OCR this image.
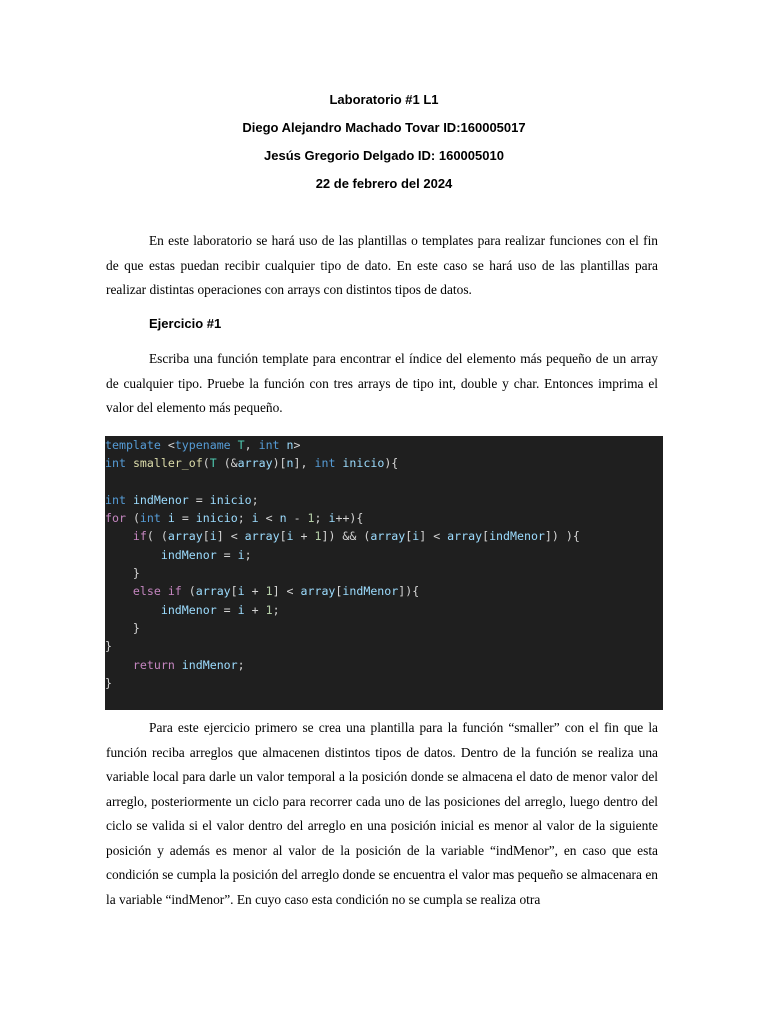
Laboratorio #1 L1
Diego Alejandro Machado Tovar ID:160005017
Jesús Gregorio Delgado ID: 160005010
22 de febrero del 2024

En este laboratorio se hará uso de las plantillas o templates para realizar funciones con el fin de que estas puedan recibir cualquier tipo de dato. En este caso se hará uso de las plantillas para realizar distintas operaciones con arrays con distintos tipos de datos.

Ejercicio #1

Escriba una función template para encontrar el índice del elemento más pequeño de un array de cualquier tipo. Pruebe la función con tres arrays de tipo int, double y char. Entonces imprima el valor del elemento más pequeño.

template <typename T, int n>
int smaller_of(T (&array)[n], int inicio){

int indMenor = inicio;
for (int i = inicio; i < n - 1; i++){
if( (array[i] < array[i + 1]) && (array[i] < array[indMenor]) ){
indMenor = i;
}
else if (array[i + 1] < array[indMenor]){
indMenor = i + 1;
}
}
return indMenor;
}

Para este ejercicio primero se crea una plantilla para la función “smaller” con el fin que la función reciba arreglos que almacenen distintos tipos de datos. Dentro de la función se realiza una variable local para darle un valor temporal a la posición donde se almacena el dato de menor valor del arreglo, posteriormente un ciclo para recorrer cada uno de las posiciones del arreglo, luego dentro del ciclo se valida si el valor dentro del arreglo en una posición inicial es menor al valor de la siguiente posición y además es menor al valor de la posición de la variable “indMenor”, en caso que esta condición se cumpla la posición del arreglo donde se encuentra el valor mas pequeño se almacenara en la variable “indMenor”. En cuyo caso esta condición no se cumpla se realiza otra
